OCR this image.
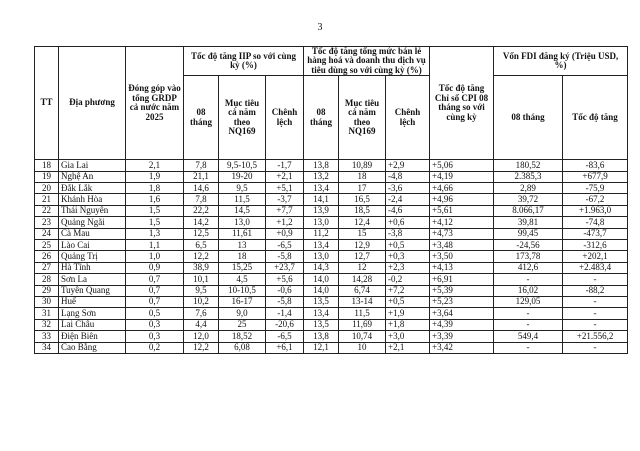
3
TT	Địa phương	Đóng góp vào tổng GRDP cả nước năm 2025	Tốc độ tăng IIP so với cùng kỳ (%)			Tốc độ tăng tổng mức bán lẻ hàng hoá và doanh thu dịch vụ tiêu dùng so với cùng kỳ (%)			Tốc độ tăng Chỉ số CPI 08 tháng so với cùng kỳ	Vốn FDI đăng ký (Triệu USD, %)	
			08 tháng	Mục tiêu cả năm theo NQ169	Chênh lệch	08 tháng	Mục tiêu cả năm theo NQ169	Chênh lệch		08 tháng	Tốc độ tăng
18	Gia Lai	2,1	7,8	9,5-10,5	-1,7	13,8	10,89	+2,9	+5,06	180,52	-83,6
19	Nghệ An	1,9	21,1	19-20	+2,1	13,2	18	-4,8	+4,19	2.385,3	+677,9
20	Đắk Lắk	1,8	14,6	9,5	+5,1	13,4	17	-3,6	+4,66	2,89	-75,9
21	Khánh Hòa	1,6	7,8	11,5	-3,7	14,1	16,5	-2,4	+4,96	39,72	-67,2
22	Thái Nguyên	1,5	22,2	14,5	+7,7	13,9	18,5	-4,6	+5,61	8.066,17	+1.963,0
23	Quảng Ngãi	1,5	14,2	13,0	+1,2	13,0	12,4	+0,6	+4,12	39,81	-74,8
24	Cà Mau	1,3	12,5	11,61	+0,9	11,2	15	-3,8	+4,73	99,45	-473,7
25	Lào Cai	1,1	6,5	13	-6,5	13,4	12,9	+0,5	+3,48	-24,56	-312,6
26	Quảng Trị	1,0	12,2	18	-5,8	13,0	12,7	+0,3	+3,50	173,78	+202,1
27	Hà Tĩnh	0,9	38,9	15,25	+23,7	14,3	12	+2,3	+4,13	412,6	+2.483,4
28	Sơn La	0,7	10,1	4,5	+5,6	14,0	14,28	-0,2	+6,91	-	-
29	Tuyên Quang	0,7	9,5	10-10,5	-0,6	14,0	6,74	+7,2	+5,39	16,02	-88,2
30	Huế	0,7	10,2	16-17	-5,8	13,5	13-14	+0,5	+5,23	129,05	-
31	Lạng Sơn	0,5	7,6	9,0	-1,4	13,4	11,5	+1,9	+3,64	-	-
32	Lai Châu	0,3	4,4	25	-20,6	13,5	11,69	+1,8	+4,39	-	-
33	Điện Biên	0,3	12,0	18,52	-6,5	13,8	10,74	+3,0	+3,39	549,4	+21.556,2
34	Cao Bằng	0,2	12,2	6,08	+6,1	12,1	10	+2,1	+3,42	-	-
